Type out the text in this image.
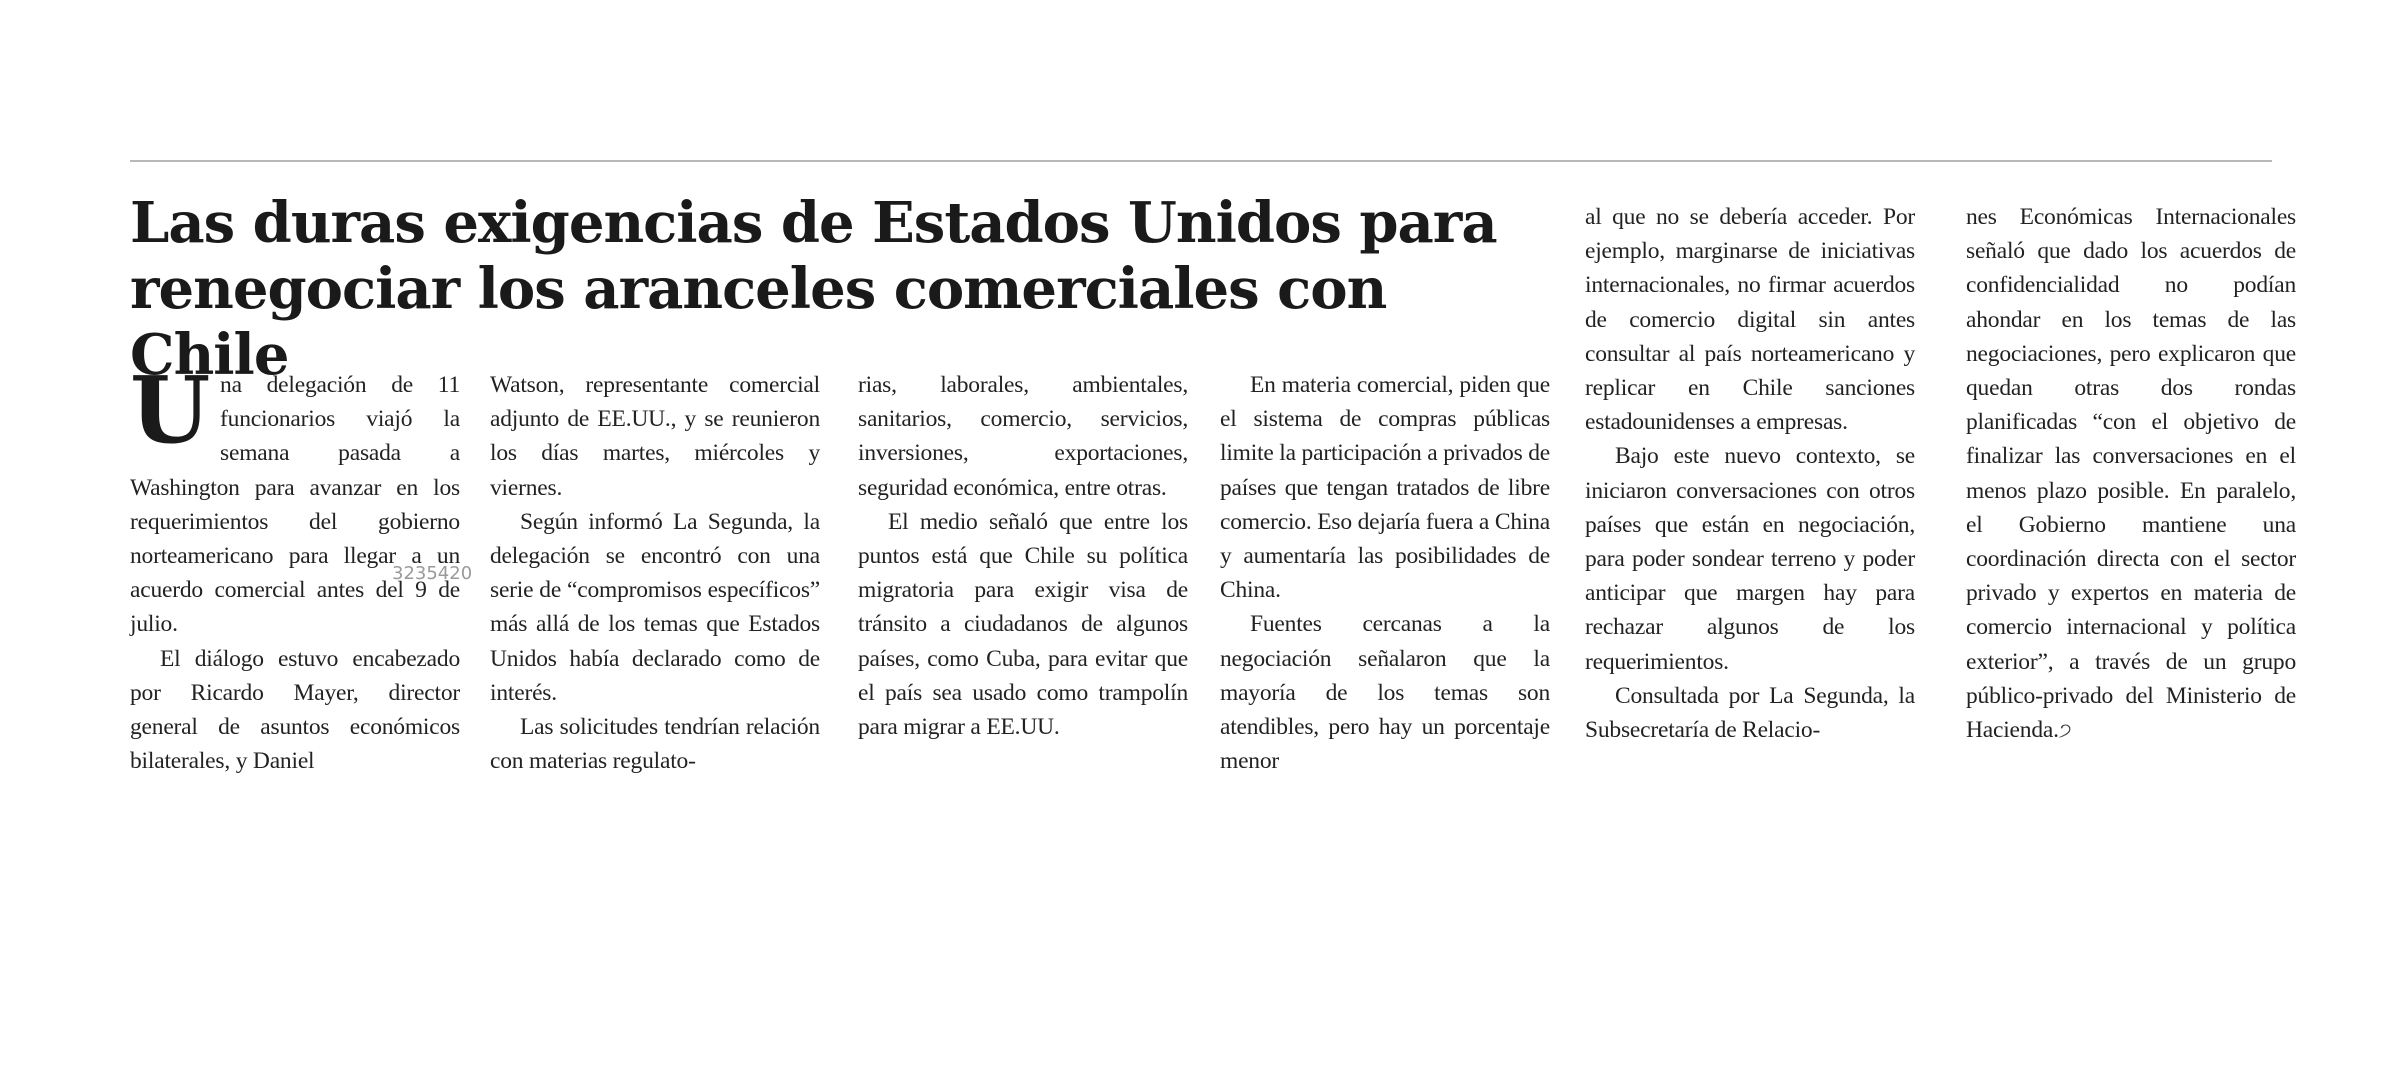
Las duras exigencias de Estados Unidos para
renegociar los aranceles comerciales con Chile

Una delegación de 11 funcionarios viajó la semana pasada a Washington para avanzar en los requerimientos del gobierno norteamericano para llegar a un acuerdo comercial antes del 9 de julio.

El diálogo estuvo encabezado por Ricardo Mayer, director general de asuntos económicos bilaterales, y Daniel

Watson, representante comercial adjunto de EE.UU., y se reunieron los días martes, miércoles y viernes.

Según informó La Segunda, la delegación se encontró con una serie de “compromisos específicos” más allá de los temas que Estados Unidos había declarado como de interés.

Las solicitudes tendrían relación con materias regulato-

rias, laborales, ambientales, sanitarios, comercio, servicios, inversiones, exportaciones, seguridad económica, entre otras.

El medio señaló que entre los puntos está que Chile su política migratoria para exigir visa de tránsito a ciudadanos de algunos países, como Cuba, para evitar que el país sea usado como trampolín para migrar a EE.UU.

En materia comercial, piden que el sistema de compras públicas limite la participación a privados de países que tengan tratados de libre comercio. Eso dejaría fuera a China y aumentaría las posibilidades de China.

Fuentes cercanas a la negociación señalaron que la mayoría de los temas son atendibles, pero hay un porcentaje menor

al que no se debería acceder. Por ejemplo, marginarse de iniciativas internacionales, no firmar acuerdos de comercio digital sin antes consultar al país norteamericano y replicar en Chile sanciones estadounidenses a empresas.

Bajo este nuevo contexto, se iniciaron conversaciones con otros países que están en negociación, para poder sondear terreno y poder anticipar que margen hay para rechazar algunos de los requerimientos.

Consultada por La Segunda, la Subsecretaría de Relacio-

nes Económicas Internacionales señaló que dado los acuerdos de confidencialidad no podían ahondar en los temas de las negociaciones, pero explicaron que quedan otras dos rondas planificadas “con el objetivo de finalizar las conversaciones en el menos plazo posible. En paralelo, el Gobierno mantiene una coordinación directa con el sector privado y expertos en materia de comercio internacional y política exterior”, a través de un grupo público-privado del Ministerio de Hacienda.੭

3235420
